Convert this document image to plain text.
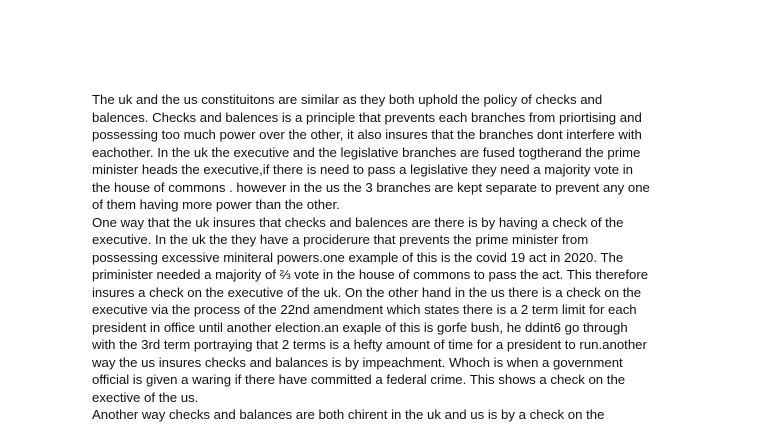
The uk and the us constituitons are similar as they both uphold the policy of checks and
balences. Checks and balences is a principle that prevents each branches from priortising and
possessing too much power over the other, it also insures that the branches dont interfere with
eachother. In the uk the executive and the legislative branches are fused togtherand the prime
minister heads the executive,if there is need to pass a legislative they need a majority vote in
the house of commons . however in the us the 3 branches are kept separate to prevent any one
of them having more power than the other.
One way that the uk insures that checks and balences are there is by having a check of the
executive. In the uk the they have a prociderure that prevents the prime minister from
possessing excessive miniteral powers.one example of this is the covid 19 act in 2020. The
priminister needed a majority of ⅔ vote in the house of commons to pass the act. This therefore
insures a check on the executive of the uk. On the other hand in the us there is a check on the
executive via the process of the 22nd amendment which states there is a 2 term limit for each
president in office until another election.an exaple of this is gorfe bush, he ddint6 go through
with the 3rd term portraying that 2 terms is a hefty amount of time for a president to run.another
way the us insures checks and balances is by impeachment. Whoch is when a government
official is given a waring if there have committed a federal crime. This shows a check on the
exective of the us.
Another way checks and balances are both chirent in the uk and us is by a check on the
